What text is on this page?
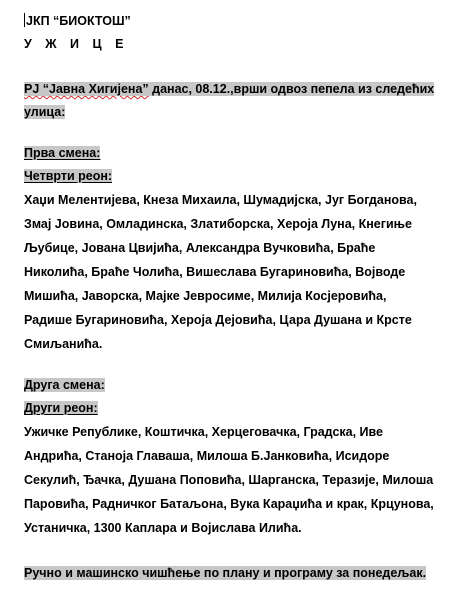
ЈКП “БИОКТОШ”
У Ж И Ц Е
РЈ “Јавна Хигијена” данас, 08.12.,врши одвоз пепела из следећих
улица:
Прва смена:
Четврти реон:
Хаџи Мелентијева, Кнеза Михаила, Шумадијска, Југ Богданова,
Змај Јовина, Омладинска, Златиборска, Хероја Луна, Кнегиње
Љубице, Јована Цвијића, Александра Вучковића, Браће
Николића, Браће Чолића, Вишеслава Бугариновића, Војводе
Мишића, Јаворска, Мајке Јевросиме, Милија Косјеровића,
Радише Бугариновића, Хероја Дејовића, Цара Душана и Крсте
Смиљанића.
Друга смена:
Други реон:
Ужичке Републике, Коштичка, Херцеговачка, Градска, Иве
Андрића, Станоја Главаша, Милоша Б.Јанковића, Исидоре
Секулић, Ђачка, Душана Поповића, Шарганска, Теразије, Милоша
Паровића, Радничког Батаљона, Вука Караџића и крак, Крцунова,
Устаничка, 1300 Каплара и Војислава Илића.
Ручно и машинско чишћење по плану и програму за понедељак.
